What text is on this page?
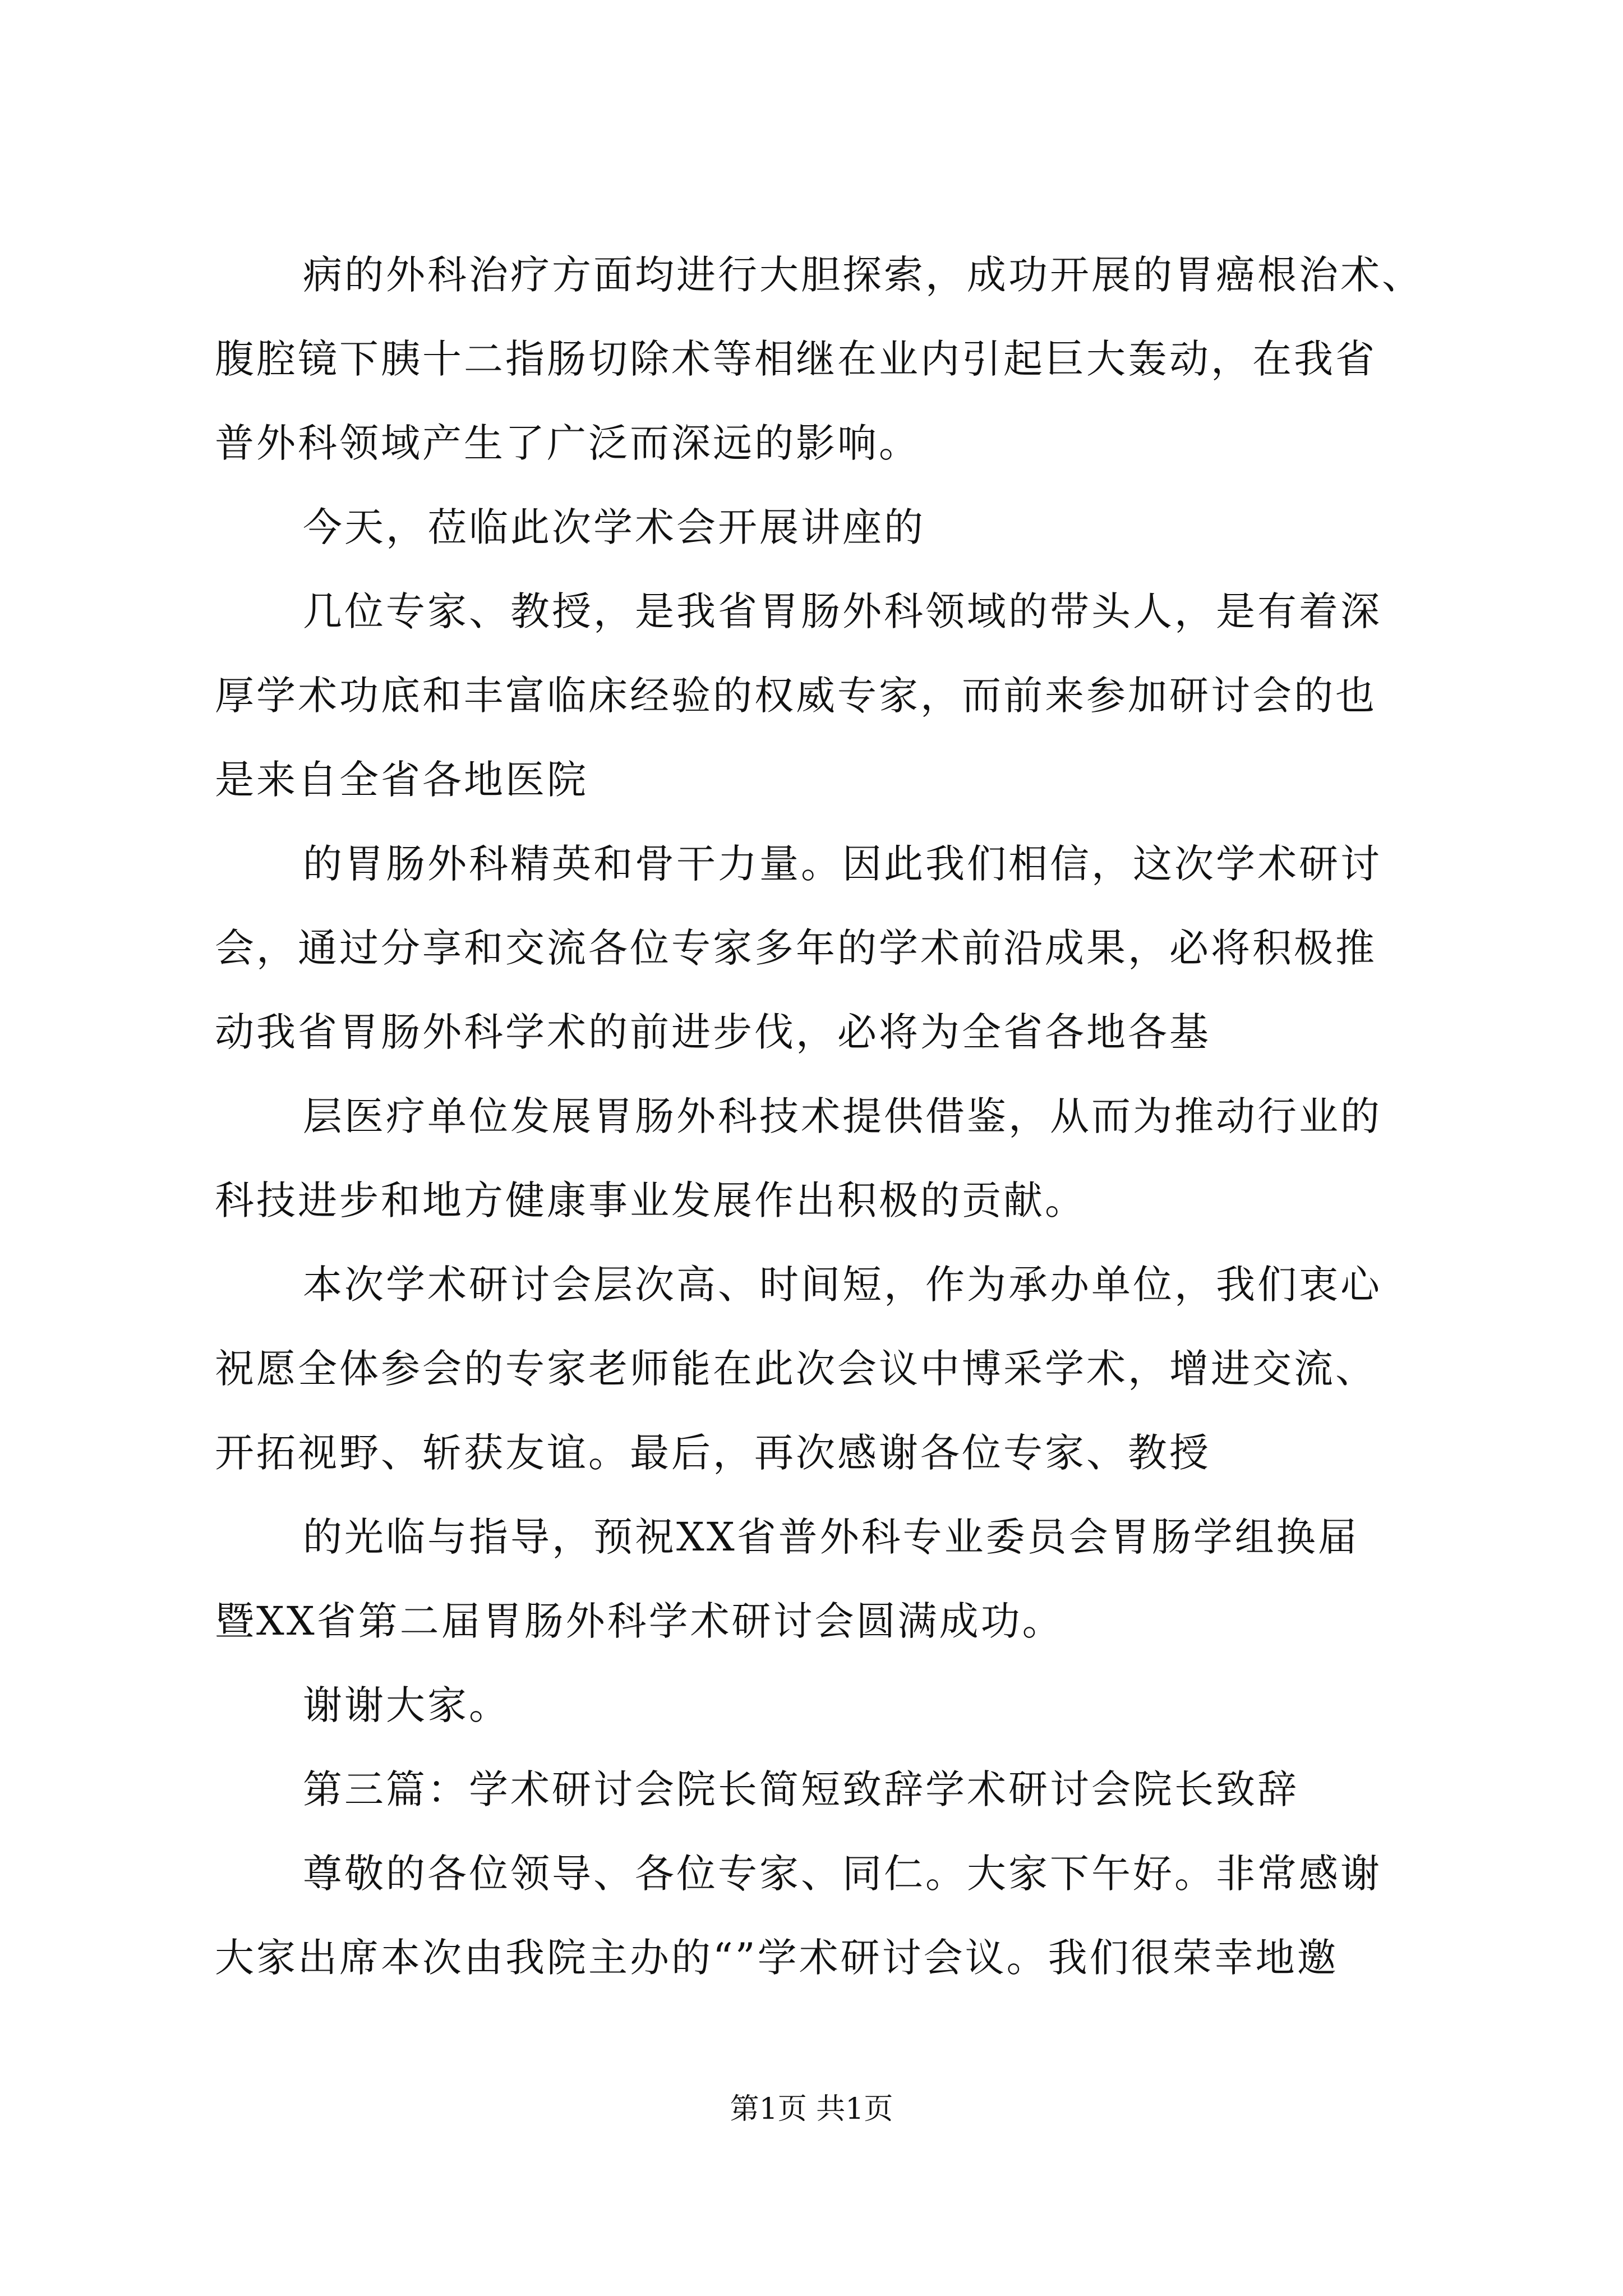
病的外科治疗方面均进行大胆探索，成功开展的胃癌根治术、
腹腔镜下胰十二指肠切除术等相继在业内引起巨大轰动，在我省
普外科领域产生了广泛而深远的影响。
今天，莅临此次学术会开展讲座的
几位专家、教授，是我省胃肠外科领域的带头人，是有着深
厚学术功底和丰富临床经验的权威专家，而前来参加研讨会的也
是来自全省各地医院
的胃肠外科精英和骨干力量。因此我们相信，这次学术研讨
会，通过分享和交流各位专家多年的学术前沿成果，必将积极推
动我省胃肠外科学术的前进步伐，必将为全省各地各基
层医疗单位发展胃肠外科技术提供借鉴，从而为推动行业的
科技进步和地方健康事业发展作出积极的贡献。
本次学术研讨会层次高、时间短，作为承办单位，我们衷心
祝愿全体参会的专家老师能在此次会议中博采学术，增进交流、
开拓视野、斩获友谊。最后，再次感谢各位专家、教授
的光临与指导，预祝XX省普外科专业委员会胃肠学组换届
暨XX省第二届胃肠外科学术研讨会圆满成功。
谢谢大家。
第三篇：学术研讨会院长简短致辞学术研讨会院长致辞
尊敬的各位领导、各位专家、同仁。大家下午好。非常感谢
大家出席本次由我院主办的“”学术研讨会议。我们很荣幸地邀
第1页 共1页
